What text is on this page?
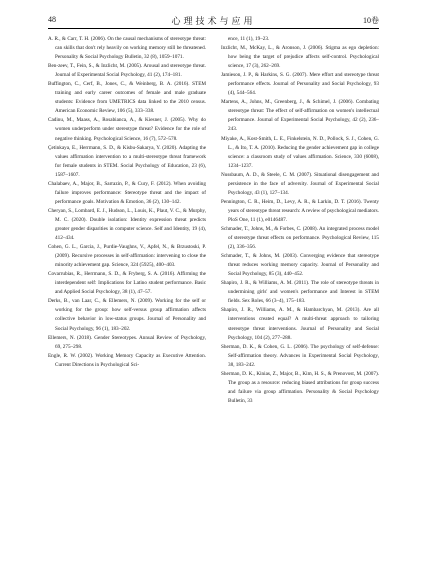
48	心理技术与应用	10卷

A. R., & Carr, T. H. (2006). On the causal mechanisms of stereotype threat: can skills that don't rely heavily on working memory still be threatened. Personality & Social Psychology Bulletin, 32 (8), 1059–1071.

Ben-zeev, T., Fein, S., & Inzlicht, M. (2005). Arousal and stereotype threat. Journal of Experimental Social Psychology, 41 (2), 174–181.

Buffington, C., Cerf, B., Jones, C., & Weinberg, B. A. (2016). STEM training and early career outcomes of female and male graduate students: Evidence from UMETRICS data linked to the 2010 census. American Economic Review, 106 (5), 333–338.

Cadinu, M., Maass, A., Rosabianca, A., & Kiesner, J. (2005). Why do women underperform under stereotype threat? Evidence for the role of negative thinking. Psychological Science, 16 (7), 572–578.

Çetinkaya, E., Herrmann, S. D., & Kisbu-Sakarya, Y. (2020). Adapting the values affirmation intervention to a multi-stereotype threat framework for female students in STEM. Social Psychology of Education, 23 (6), 1587–1607.

Chalabaev, A., Major, B., Sarrazin, P., & Cury, F. (2012). When avoiding failure improves performance: Stereotype threat and the impact of performance goals. Motivation & Emotion, 36 (2), 130–142.

Cheryan, S., Lombard, E. J., Hudson, L., Louis, K., Plaut, V. C., & Murphy, M. C. (2020). Double isolation: Identity expression threat predicts greater gender disparities in computer science. Self and Identity, 19 (4), 412–434.

Cohen, G. L., Garcia, J., Purdie-Vaughns, V., Apfel, N., & Brzustoski, P. (2009). Recursive processes in self-affirmation: intervening to close the minority achievement gap. Science, 324 (5925), 400–403.

Covarrubias, R., Herrmann, S. D., & Fryberg, S. A. (2016). Affirming the interdependent self: Implications for Latino student performance. Basic and Applied Social Psychology, 38 (1), 47–57.

Derks, B., van Laar, C., & Ellemers, N. (2009). Working for the self or working for the group: how self-versus group affirmation affects collective behavior in low-status groups. Journal of Personality and Social Psychology, 96 (1), 183–202.

Ellemers, N. (2018). Gender Stereotypes. Annual Review of Psychology, 69, 275–298.

Engle, R. W. (2002). Working Memory Capacity as Executive Attention. Current Directions in Psychological Sci-

ence, 11 (1), 19–23.

Inzlicht, M., McKay, L., & Aronson, J. (2006). Stigma as ego depletion: how being the target of prejudice affects self-control. Psychological science, 17 (3), 262–269.

Jamieson, J. P., & Harkins, S. G. (2007). Mere effort and stereotype threat performance effects. Journal of Personality and Social Psychology, 93 (4), 544–564.

Martens, A., Johns, M., Greenberg, J., & Schimel, J. (2006). Combating stereotype threat: The effect of self-affirmation on women's intellectual performance. Journal of Experimental Social Psychology, 42 (2), 236–243.

Miyake, A., Kost-Smith, L. E., Finkelstein, N. D., Pollock, S. J., Cohen, G. L., & Ito, T. A. (2010). Reducing the gender achievement gap in college science: a classroom study of values affirmation. Science, 330 (6008), 1234–1237.

Nussbaum, A. D., & Steele, C. M. (2007). Situational disengagement and persistence in the face of adversity. Journal of Experimental Social Psychology, 43 (1), 127–134.

Pennington, C. R., Heim, D., Levy, A. R., & Larkin, D. T. (2016). Twenty years of stereotype threat research: A review of psychological mediators. PloS One, 11 (1), e0146487.

Schmader, T., Johns, M., & Forbes, C. (2008). An integrated process model of stereotype threat effects on performance. Psychological Review, 115 (2), 336–356.

Schmader, T., & Johns, M. (2003). Converging evidence that stereotype threat reduces working memory capacity. Journal of Personality and Social Psychology, 85 (3), 440–452.

Shapiro, J. R., & Williams, A. M. (2011). The role of stereotype threats in undermining girls' and women's performance and Interest in STEM fields. Sex Roles, 66 (3–4), 175–183.

Shapiro, J. R., Williams, A. M., & Hambarchyan, M. (2013). Are all interventions created equal? A multi-threat approach to tailoring stereotype threat interventions. Journal of Personality and Social Psychology, 104 (2), 277–288.

Sherman, D. K., & Cohen, G. L. (2006). The psychology of self-defense: Self-affirmation theory. Advances in Experimental Social Psychology, 38, 183–242.

Sherman, D. K., Kinias, Z., Major, B., Kim, H. S., & Prenovost, M. (2007). The group as a resource: reducing biased attributions for group success and failure via group affirmation. Personality & Social Psychology Bulletin, 33
